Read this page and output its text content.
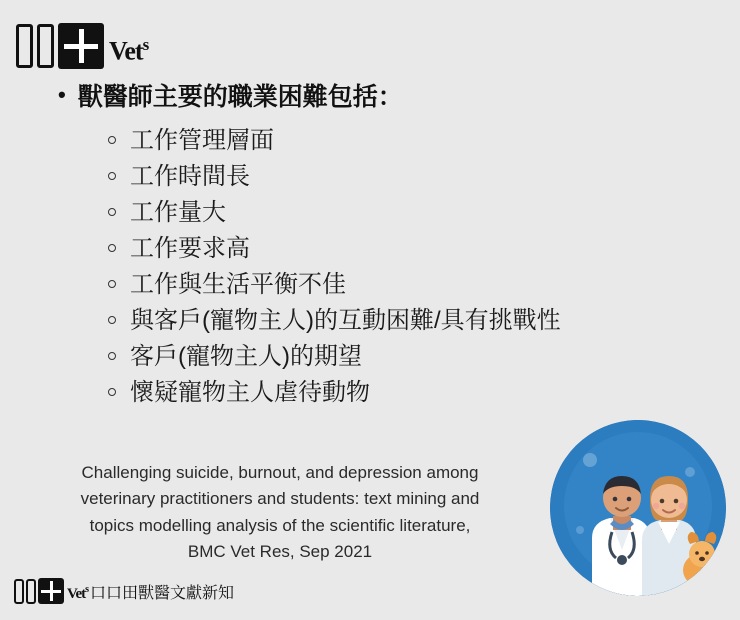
Vet$^s$
• 獸醫師主要的職業困難包括：
工作管理層面
工作時間長
工作量大
工作要求高
工作與生活平衡不佳
與客戶(寵物主人)的互動困難/具有挑戰性
客戶(寵物主人)的期望
懷疑寵物主人虐待動物
Challenging suicide, burnout, and depression among
veterinary practitioners and students: text mining and
topics modelling analysis of the scientific literature,
BMC Vet Res, Sep 2021
Vet$^s$ 口口田獸醫文獻新知
